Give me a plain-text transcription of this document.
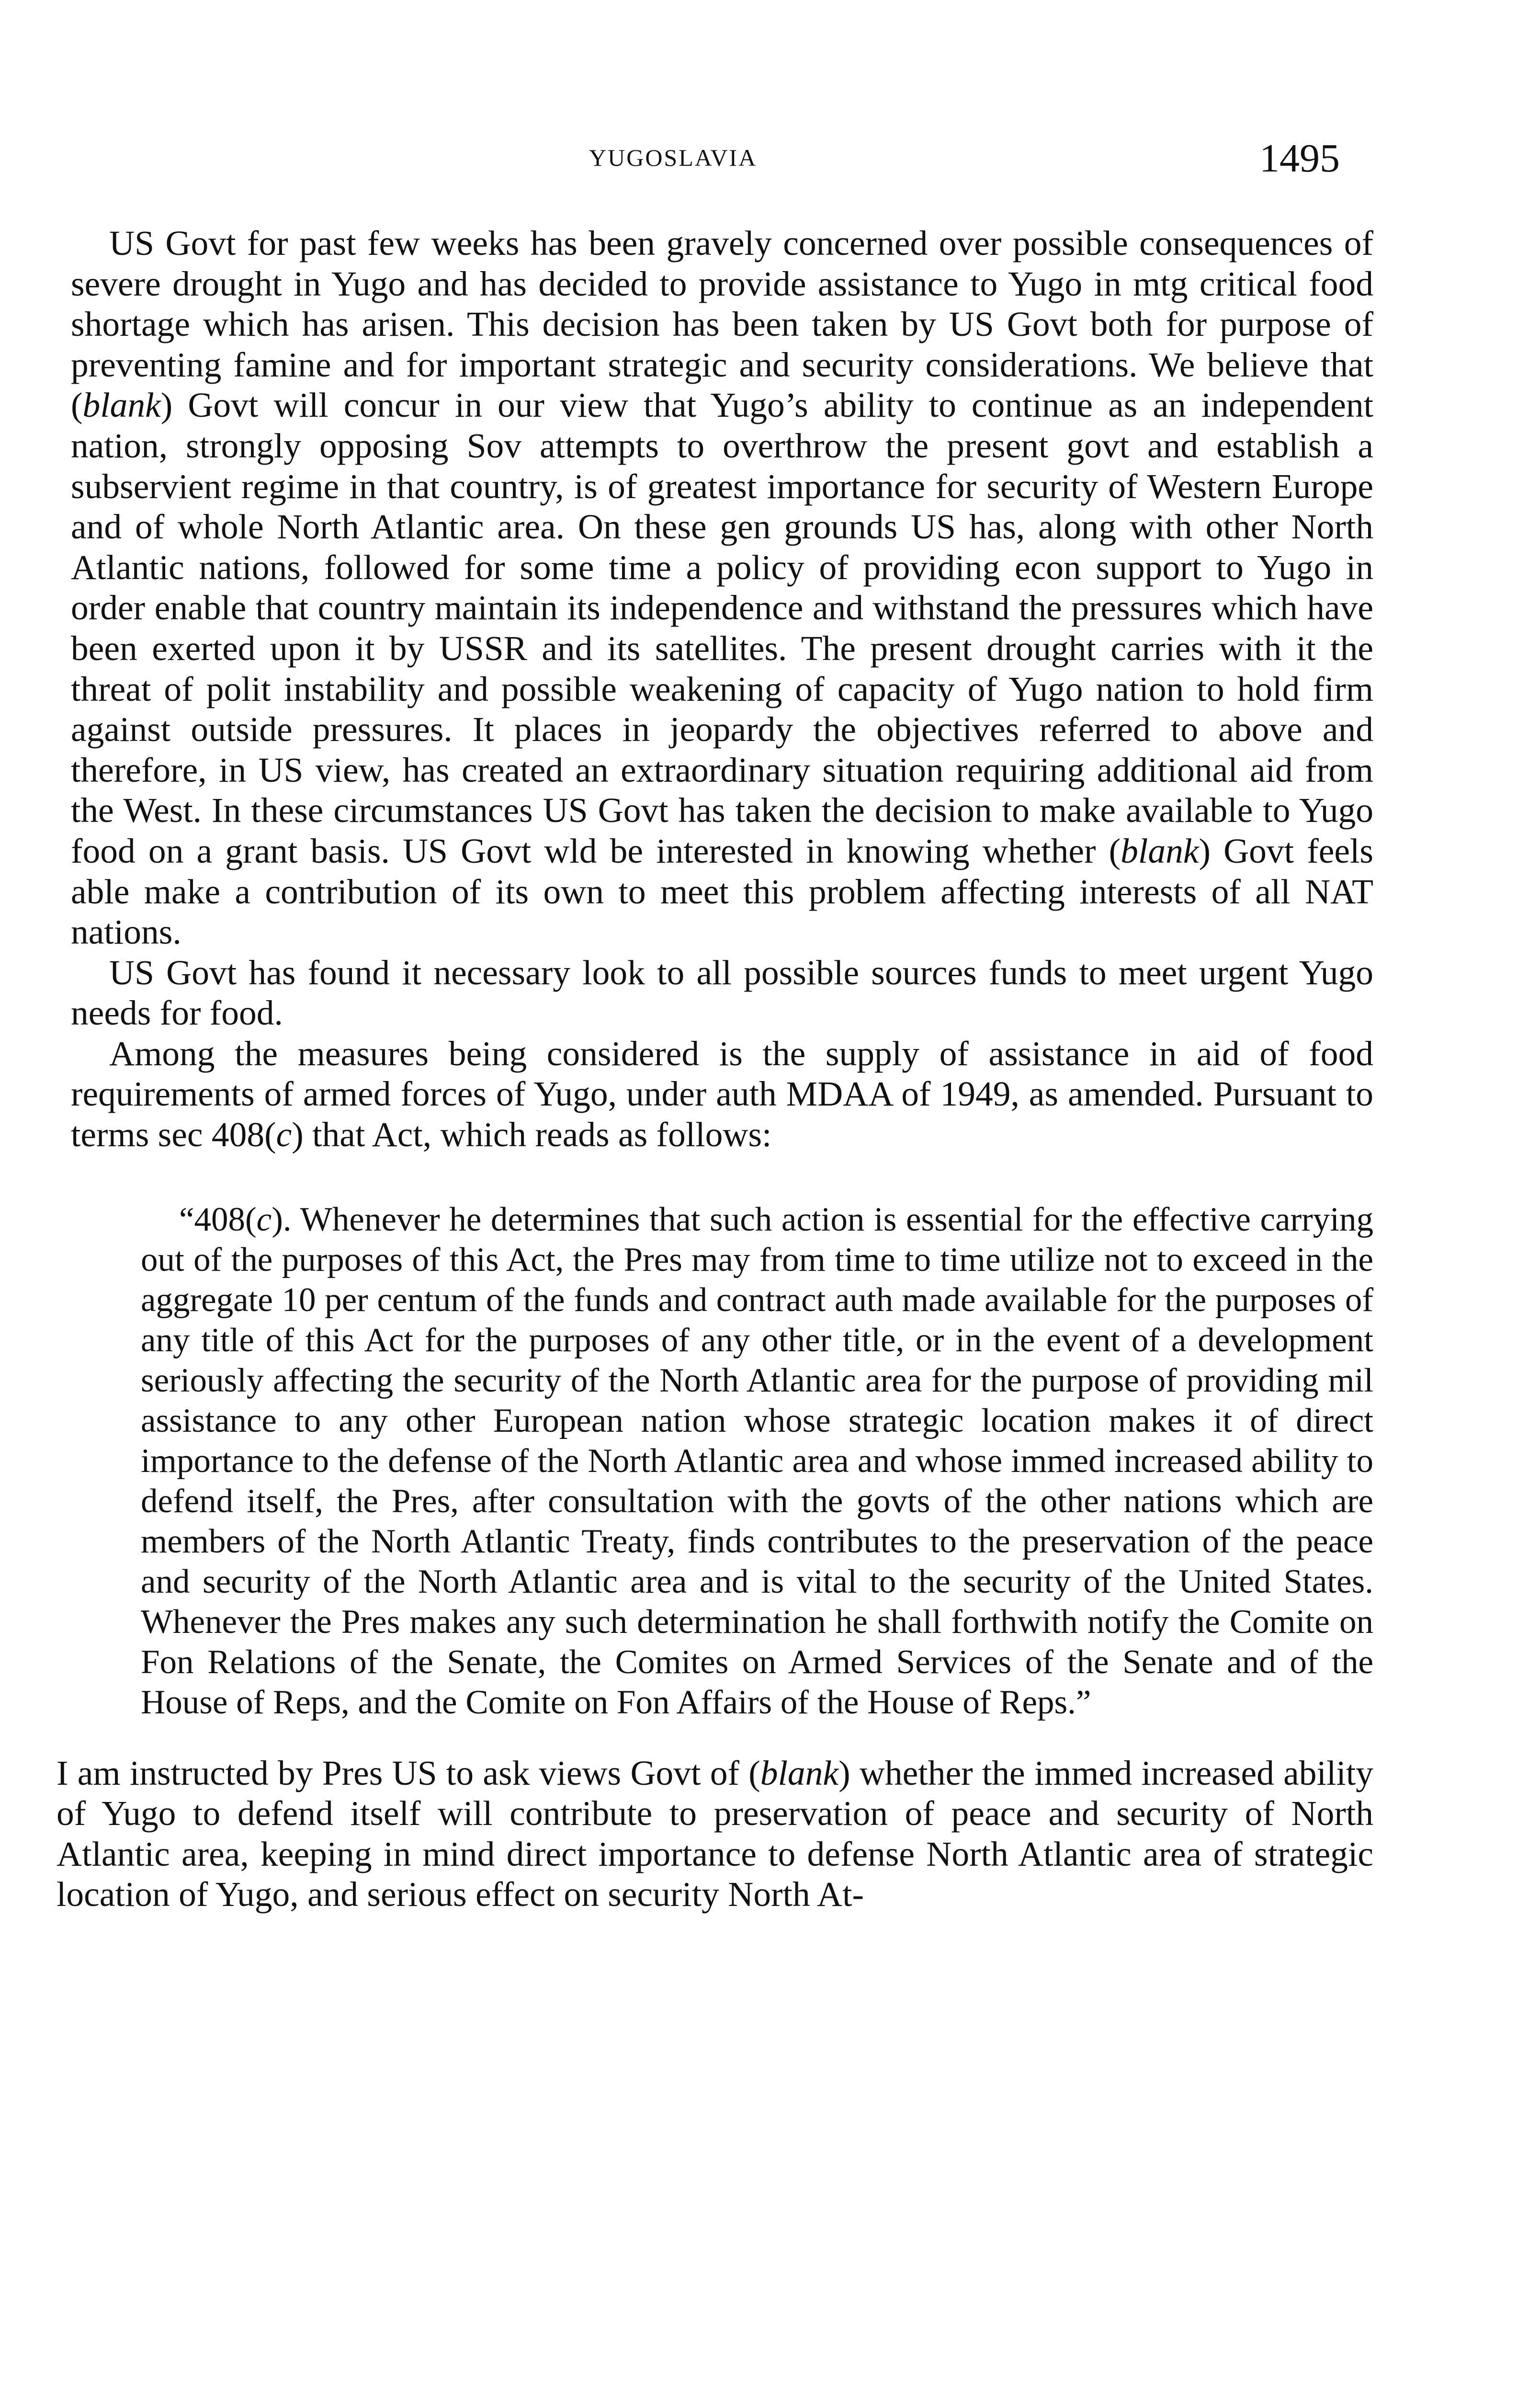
YUGOSLAVIA	1495

US Govt for past few weeks has been gravely concerned over possible consequences of severe drought in Yugo and has decided to provide assistance to Yugo in mtg critical food shortage which has arisen. This decision has been taken by US Govt both for purpose of preventing famine and for important strategic and security considerations. We believe that (blank) Govt will concur in our view that Yugo’s ability to continue as an independent nation, strongly opposing Sov attempts to overthrow the present govt and establish a subservient regime in that country, is of greatest importance for security of Western Europe and of whole North Atlantic area. On these gen grounds US has, along with other North Atlantic nations, followed for some time a policy of providing econ support to Yugo in order enable that country maintain its independence and withstand the pressures which have been exerted upon it by USSR and its satellites. The present drought carries with it the threat of polit instability and possible weakening of capacity of Yugo nation to hold firm against outside pressures. It places in jeopardy the objectives referred to above and therefore, in US view, has created an extraordinary situation requiring additional aid from the West. In these circumstances US Govt has taken the decision to make available to Yugo food on a grant basis. US Govt wld be interested in knowing whether (blank) Govt feels able make a contribution of its own to meet this problem affecting interests of all NAT nations.

US Govt has found it necessary look to all possible sources funds to meet urgent Yugo needs for food.

Among the measures being considered is the supply of assistance in aid of food requirements of armed forces of Yugo, under auth MDAA of 1949, as amended. Pursuant to terms sec 408(c) that Act, which reads as follows:

“408(c). Whenever he determines that such action is essential for the effective carrying out of the purposes of this Act, the Pres may from time to time utilize not to exceed in the aggregate 10 per centum of the funds and contract auth made available for the purposes of any title of this Act for the purposes of any other title, or in the event of a development seriously affecting the security of the North Atlantic area for the purpose of providing mil assistance to any other European nation whose strategic location makes it of direct importance to the defense of the North Atlantic area and whose immed increased ability to defend itself, the Pres, after consultation with the govts of the other nations which are members of the North Atlantic Treaty, finds contributes to the preservation of the peace and security of the North Atlantic area and is vital to the security of the United States. Whenever the Pres makes any such determination he shall forthwith notify the Comite on Fon Relations of the Senate, the Comites on Armed Services of the Senate and of the House of Reps, and the Comite on Fon Affairs of the House of Reps.”

I am instructed by Pres US to ask views Govt of (blank) whether the immed increased ability of Yugo to defend itself will contribute to preservation of peace and security of North Atlantic area, keeping in mind direct importance to defense North Atlantic area of strategic location of Yugo, and serious effect on security North At-
